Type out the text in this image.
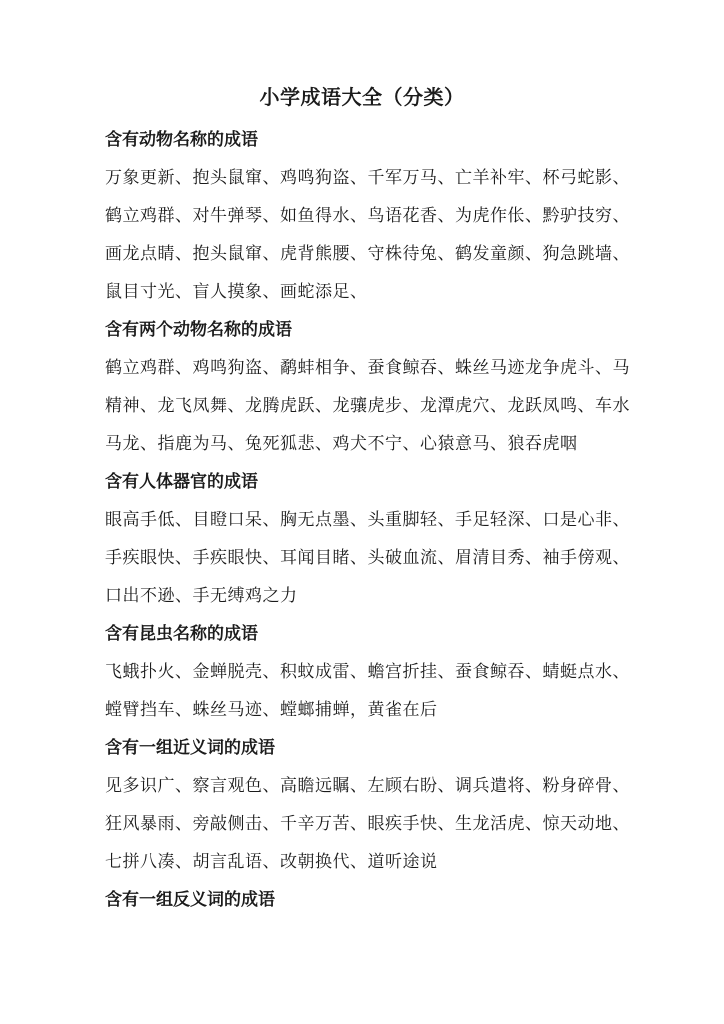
小学成语大全（分类）
含有动物名称的成语
万象更新、抱头鼠窜、鸡鸣狗盗、千军万马、亡羊补牢、杯弓蛇影、
鹤立鸡群、对牛弹琴、如鱼得水、鸟语花香、为虎作伥、黔驴技穷、
画龙点睛、抱头鼠窜、虎背熊腰、守株待兔、鹤发童颜、狗急跳墙、
鼠目寸光、盲人摸象、画蛇添足、
含有两个动物名称的成语
鹤立鸡群、鸡鸣狗盗、鹬蚌相争、蚕食鲸吞、蛛丝马迹龙争虎斗、马
精神、龙飞凤舞、龙腾虎跃、龙骧虎步、龙潭虎穴、龙跃凤鸣、车水
马龙、指鹿为马、兔死狐悲、鸡犬不宁、心猿意马、狼吞虎咽
含有人体器官的成语
眼高手低、目瞪口呆、胸无点墨、头重脚轻、手足轻深、口是心非、
手疾眼快、手疾眼快、耳闻目睹、头破血流、眉清目秀、袖手傍观、
口出不逊、手无缚鸡之力
含有昆虫名称的成语
飞蛾扑火、金蝉脱壳、积蚊成雷、蟾宫折挂、蚕食鲸吞、蜻蜓点水、
螳臂挡车、蛛丝马迹、螳螂捕蝉，黄雀在后
含有一组近义词的成语
见多识广、察言观色、高瞻远瞩、左顾右盼、调兵遣将、粉身碎骨、
狂风暴雨、旁敲侧击、千辛万苦、眼疾手快、生龙活虎、惊天动地、
七拼八凑、胡言乱语、改朝换代、道听途说
含有一组反义词的成语
